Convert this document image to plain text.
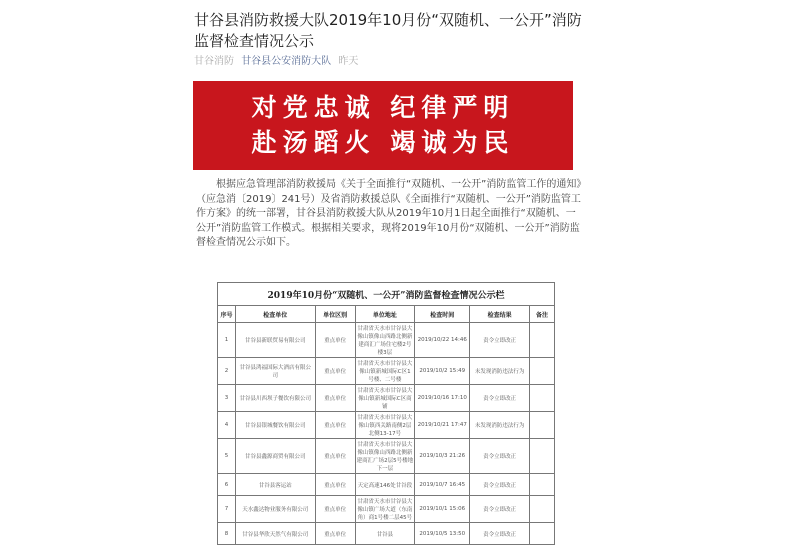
甘谷县消防救援大队2019年10月份“双随机、一公开”消防监督检查情况公示
甘谷消防 甘谷县公安消防大队 昨天
对党忠诚 纪律严明
赴汤蹈火 竭诚为民

根据应急管理部消防救援局《关于全面推行“双随机、一公开”消防监管工作的通知》（应急消〔2019〕241号）及省消防救援总队《全面推行“双随机、一公开”消防监管工作方案》的统一部署，甘谷县消防救援大队从2019年10月1日起全面推行“双随机、一公开”消防监管工作模式。根据相关要求，现将2019年10月份“双随机、一公开”消防监督检查情况公示如下。

2019年10月份“双随机、一公开”消防监督检查情况公示栏						
序号	检查单位	单位区别	单位地址	检查时间	检查结果	备注
1	甘谷县新联贸易有限公司	重点单位	甘肃省天水市甘谷县大像山镇像山西路北侧新建商汇广场住宅楼2号楼3层	2019/10/22 14:46	责令立即改正	
2	甘谷县鸿福国际大酒店有限公司	重点单位	甘肃省天水市甘谷县大像山镇新城国际C区1号楼、二号楼	2019/10/2 15:49	未发现消防违法行为	
3	甘谷县川西坝子餐饮有限公司	重点单位	甘肃省天水市甘谷县大像山镇新城国际C区商铺	2019/10/16 17:10	责令立即改正	
4	甘谷县银城餐饮有限公司	重点单位	甘肃省天水市甘谷县大像山镇西关路南侧2层北侧13-17号	2019/10/21 17:47	未发现消防违法行为	
5	甘谷县鑫源商贸有限公司	重点单位	甘肃省天水市甘谷县大像山镇像山西路北侧新建商汇广场2层5号楼地下一层	2019/10/3 21:26	责令立即改正	
6	甘谷县客运站	重点单位	天定高速146处甘谷段	2019/10/7 16:45	责令立即改正	
7	天水鑫达物业服务有限公司	重点单位	甘肃省天水市甘谷县大像山镇广场大道（东南角）商1号楼二层45号	2019/10/1 15:06	责令立即改正	
8	甘谷县华欣天然气有限公司	重点单位	甘谷县	2019/10/5 13:50	责令立即改正	
